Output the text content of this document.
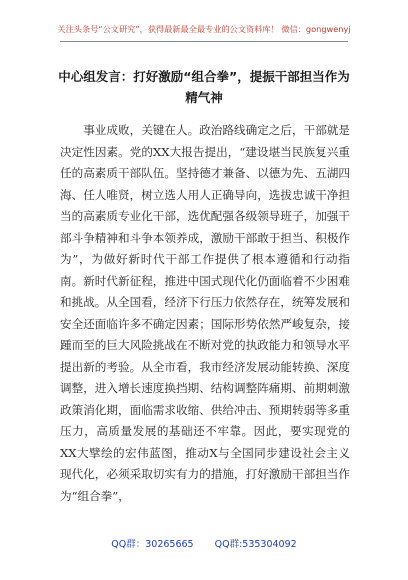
关注头条号“公文研究”，获得最新最全最专业的公文资料库！ 微信：gongwenyj
中心组发言：打好激励“组合拳”，提振干部担当作为精气神

事业成败，关键在人。政治路线确定之后，干部就是决定性因素。党的XX大报告提出，“建设堪当民族复兴重任的高素质干部队伍。坚持德才兼备、以德为先、五湖四海、任人唯贤，树立选人用人正确导向，选拔忠诚干净担当的高素质专业化干部，选优配强各级领导班子，加强干部斗争精神和斗争本领养成，激励干部敢于担当、积极作为”，为做好新时代干部工作提供了根本遵循和行动指南。新时代新征程，推进中国式现代化仍面临着不少困难和挑战。从全国看，经济下行压力依然存在，统筹发展和安全还面临许多不确定因素；国际形势依然严峻复杂，接踵而至的巨大风险挑战在不断对党的执政能力和领导水平提出新的考验。从全市看，我市经济发展动能转换、深度调整，进入增长速度换挡期、结构调整阵痛期、前期刺激政策消化期，面临需求收缩、供给冲击、预期转弱等多重压力，高质量发展的基础还不牢靠。因此，要实现党的XX大擘绘的宏伟蓝图，推动X与全国同步建设社会主义现代化，必须采取切实有力的措施，打好激励干部担当作为“组合拳”，

QQ群：30265665 QQ群:535304092
